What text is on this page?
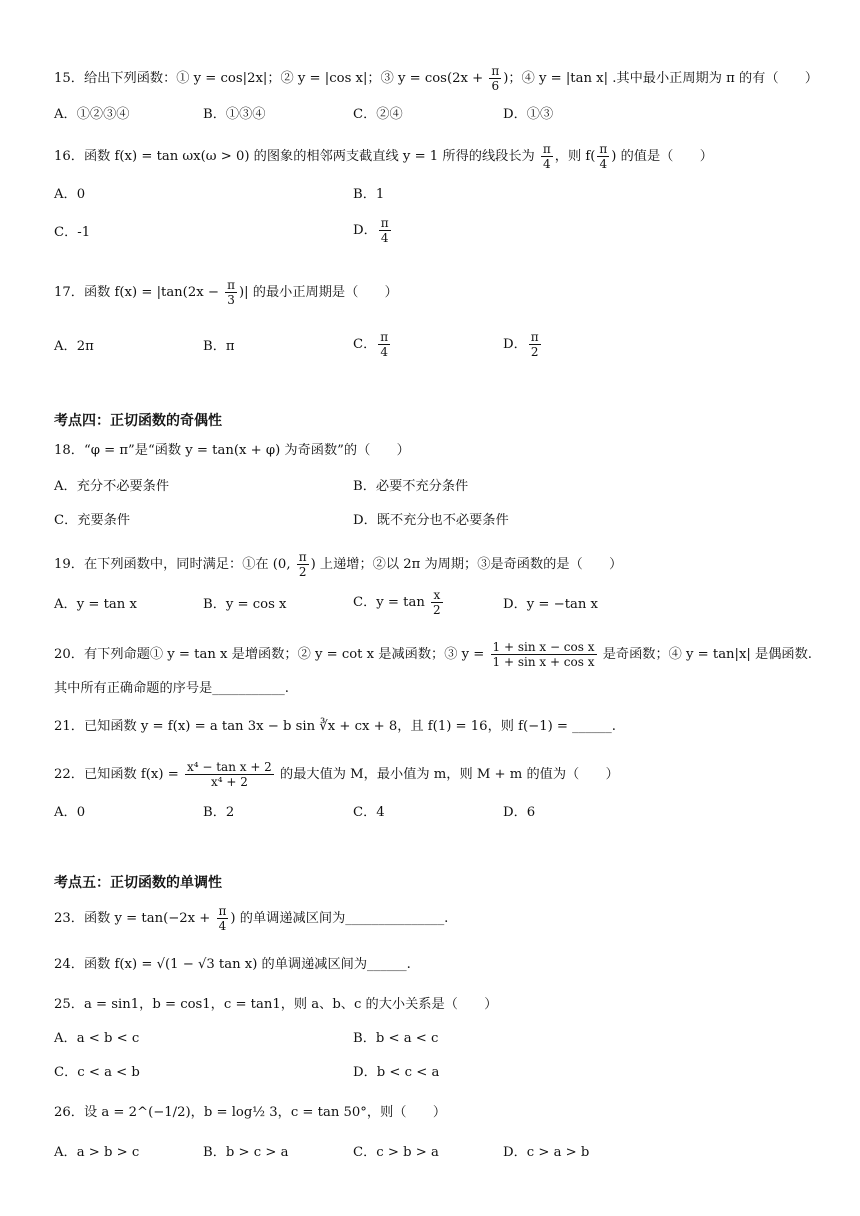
15．给出下列函数：① y = cos|2x|；② y = |cos x|；③ $y = \cos(2x + \frac{\pi}{6}$ )；④ y = |tan x| .其中最小正周期为 π 的有（　　）
A．①②③④	B．①③④	C．②④	D．①③
16．函数 f(x) = tan ωx(ω > 0) 的图象的相邻两支截直线 y = 1 所得的线段长为 $\frac{\pi}{4}$ ，则 $f( \frac{\pi}{4}$ ) 的值是（　　）
A．0	B．1
C．-1	D． $\frac{\pi}{4}$
17．函数 $f(x) = |\tan(2x - \frac{\pi}{3}$ )| 的最小正周期是（　　）
A．2π	B．π	C． $\frac{\pi}{4}$	D． $\frac{\pi}{2}$
考点四：正切函数的奇偶性
18．“φ = π”是“函数 y = tan(x + φ) 为奇函数”的（　　）
A．充分不必要条件	B．必要不充分条件
C．充要条件	D．既不充分也不必要条件
19．在下列函数中，同时满足：①在 (0, $\frac{\pi}{2}$ ) 上递增；②以 2π 为周期；③是奇函数的是（　　）
A．y = tan x	B．y = cos x	C．$y = \tan \frac{x}{2}$	D．y = −tan x
20．有下列命题① y = tan x 是增函数；② y = cot x 是减函数；③ $y = \frac{\text{1 + sin x − cos x}}{\text{1 + sin x + cos x}}$ 是奇函数；④ y = tan|x| 是偶函数.
其中所有正确命题的序号是___________.
21．已知函数 y = f(x) = a tan 3x − b sin ∛x + cx + 8，且 f(1) = 16，则 f(−1) = ______.
22．已知函数 $f(x) = \frac{\text{x⁴ − tan x + 2}}{\text{x⁴ + 2}}$ 的最大值为 M，最小值为 m，则 M + m 的值为（　　）
A．0	B．2	C．4	D．6
考点五：正切函数的单调性
23．函数 $y = \tan(-2x + \frac{\pi}{4}$ ) 的单调递减区间为_______________.
24．函数 f(x) = √(1 − √3 tan x) 的单调递减区间为______.
25．a = sin1，b = cos1，c = tan1，则 a、b、c 的大小关系是（　　）
A．a < b < c	B．b < a < c
C．c < a < b	D．b < c < a
26．设 a = 2^(−1/2)，b = log½ 3，c = tan 50°，则（　　）
A．a > b > c	B．b > c > a	C．c > b > a	D．c > a > b
